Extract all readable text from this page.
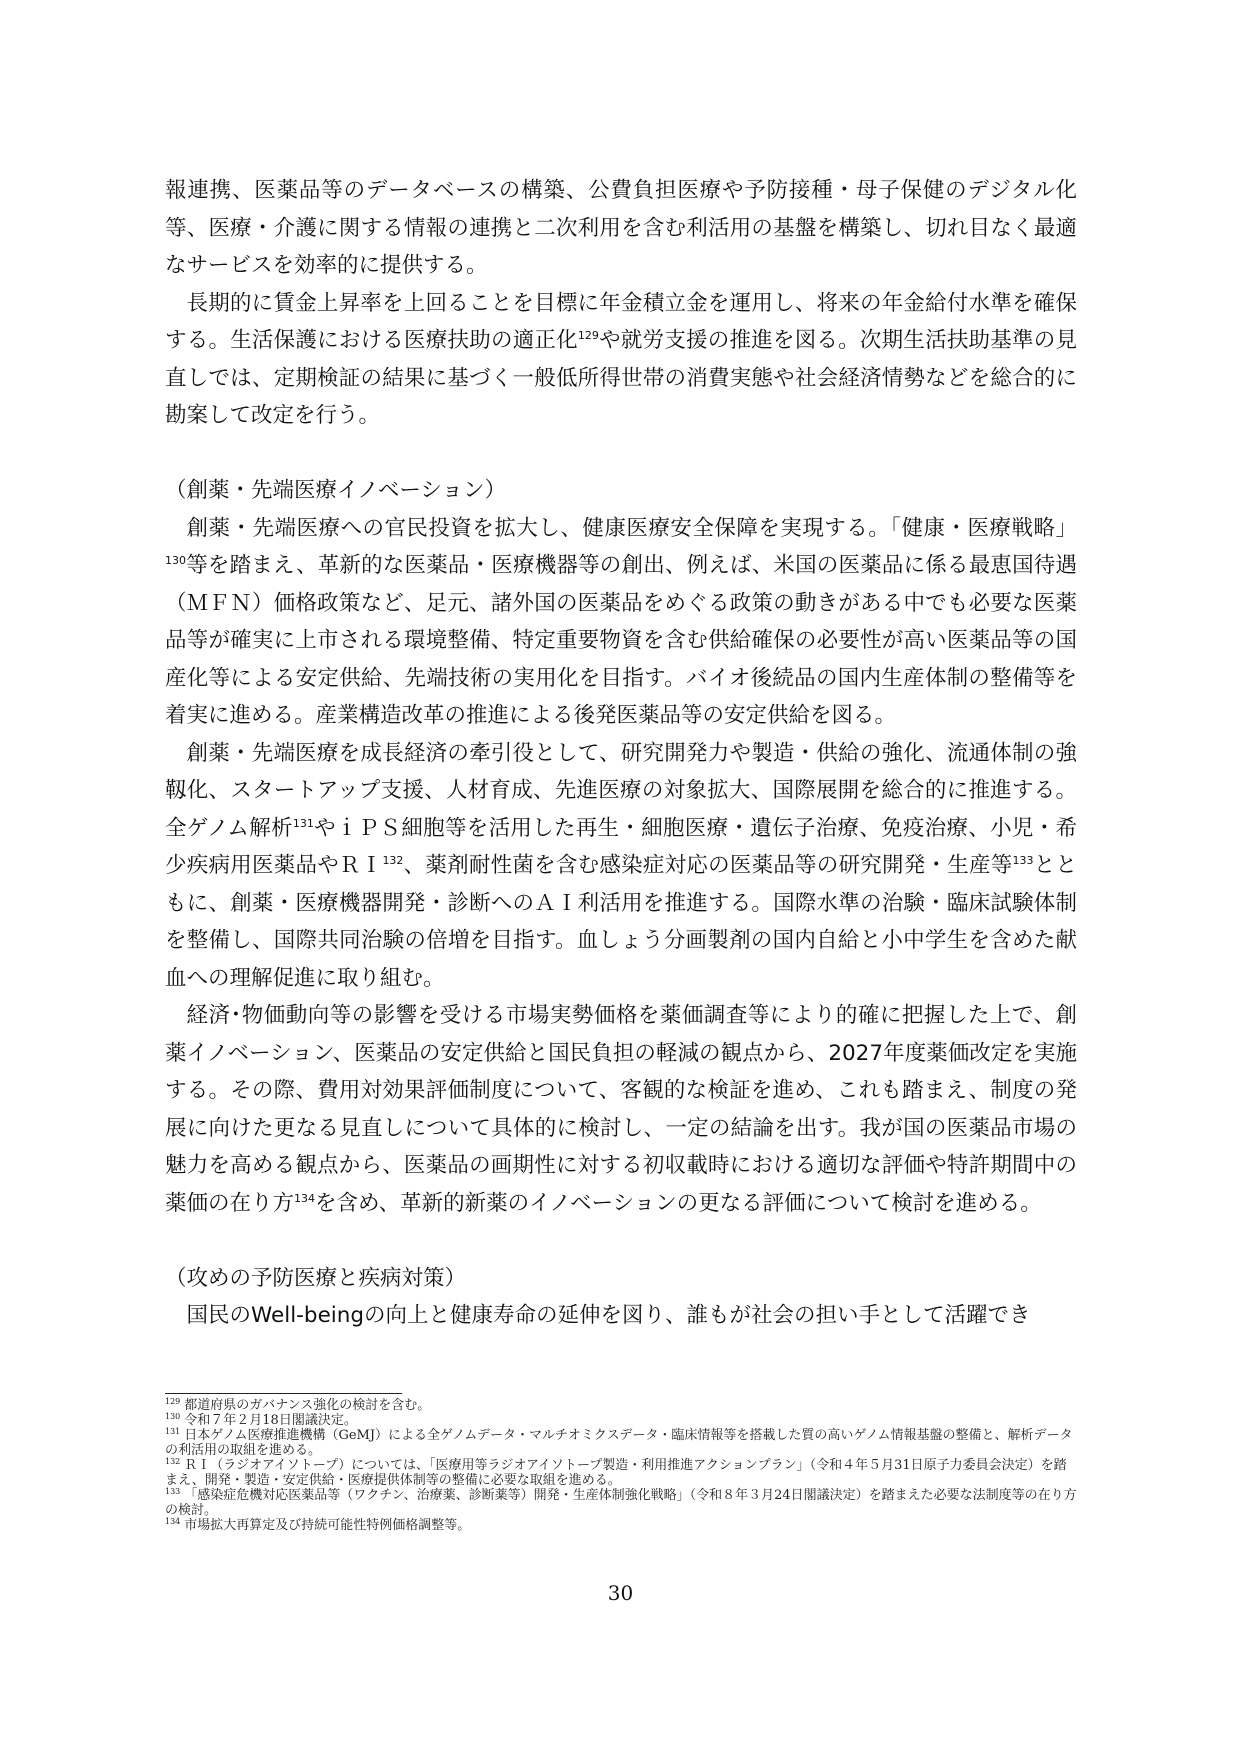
報連携、医薬品等のデータベースの構築、公費負担医療や予防接種・母子保健のデジタル化等、医療・介護に関する情報の連携と二次利用を含む利活用の基盤を構築し、切れ目なく最適なサービスを効率的に提供する。

長期的に賃金上昇率を上回ることを目標に年金積立金を運用し、将来の年金給付水準を確保する。生活保護における医療扶助の適正化$^{129}$や就労支援の推進を図る。次期生活扶助基準の見直しでは、定期検証の結果に基づく一般低所得世帯の消費実態や社会経済情勢などを総合的に勘案して改定を行う。

（創薬・先端医療イノベーション）

創薬・先端医療への官民投資を拡大し、健康医療安全保障を実現する。「健康・医療戦略」$^{130}$等を踏まえ、革新的な医薬品・医療機器等の創出、例えば、米国の医薬品に係る最恵国待遇（ＭＦＮ）価格政策など、足元、諸外国の医薬品をめぐる政策の動きがある中でも必要な医薬品等が確実に上市される環境整備、特定重要物資を含む供給確保の必要性が高い医薬品等の国産化等による安定供給、先端技術の実用化を目指す。バイオ後続品の国内生産体制の整備等を着実に進める。産業構造改革の推進による後発医薬品等の安定供給を図る。

創薬・先端医療を成長経済の牽引役として、研究開発力や製造・供給の強化、流通体制の強靱化、スタートアップ支援、人材育成、先進医療の対象拡大、国際展開を総合的に推進する。全ゲノム解析$^{131}$やｉＰＳ細胞等を活用した再生・細胞医療・遺伝子治療、免疫治療、小児・希少疾病用医薬品やＲＩ$^{132}$、薬剤耐性菌を含む感染症対応の医薬品等の研究開発・生産等$^{133}$とともに、創薬・医療機器開発・診断へのＡＩ利活用を推進する。国際水準の治験・臨床試験体制を整備し、国際共同治験の倍増を目指す。血しょう分画製剤の国内自給と小中学生を含めた献血への理解促進に取り組む。

経済･物価動向等の影響を受ける市場実勢価格を薬価調査等により的確に把握した上で、創薬イノベーション、医薬品の安定供給と国民負担の軽減の観点から、2027年度薬価改定を実施する。その際、費用対効果評価制度について、客観的な検証を進め、これも踏まえ、制度の発展に向けた更なる見直しについて具体的に検討し、一定の結論を出す。我が国の医薬品市場の魅力を高める観点から、医薬品の画期性に対する初収載時における適切な評価や特許期間中の薬価の在り方$^{134}$を含め、革新的新薬のイノベーションの更なる評価について検討を進める。

（攻めの予防医療と疾病対策）

国民のWell-beingの向上と健康寿命の延伸を図り、誰もが社会の担い手として活躍でき

$^{129}$ 都道府県のガバナンス強化の検討を含む。

$^{130}$ 令和７年２月18日閣議決定。

$^{131}$ 日本ゲノム医療推進機構（GeMJ）による全ゲノムデータ・マルチオミクスデータ・臨床情報等を搭載した質の高いゲノム情報基盤の整備と、解析データの利活用の取組を進める。

$^{132}$ ＲＩ（ラジオアイソトープ）については、「医療用等ラジオアイソトープ製造・利用推進アクションプラン」（令和４年５月31日原子力委員会決定）を踏まえ、開発・製造・安定供給・医療提供体制等の整備に必要な取組を進める。

$^{133}$ 「感染症危機対応医薬品等（ワクチン、治療薬、診断薬等）開発・生産体制強化戦略」（令和８年３月24日閣議決定）を踏まえた必要な法制度等の在り方の検討。

$^{134}$ 市場拡大再算定及び持続可能性特例価格調整等。

30
